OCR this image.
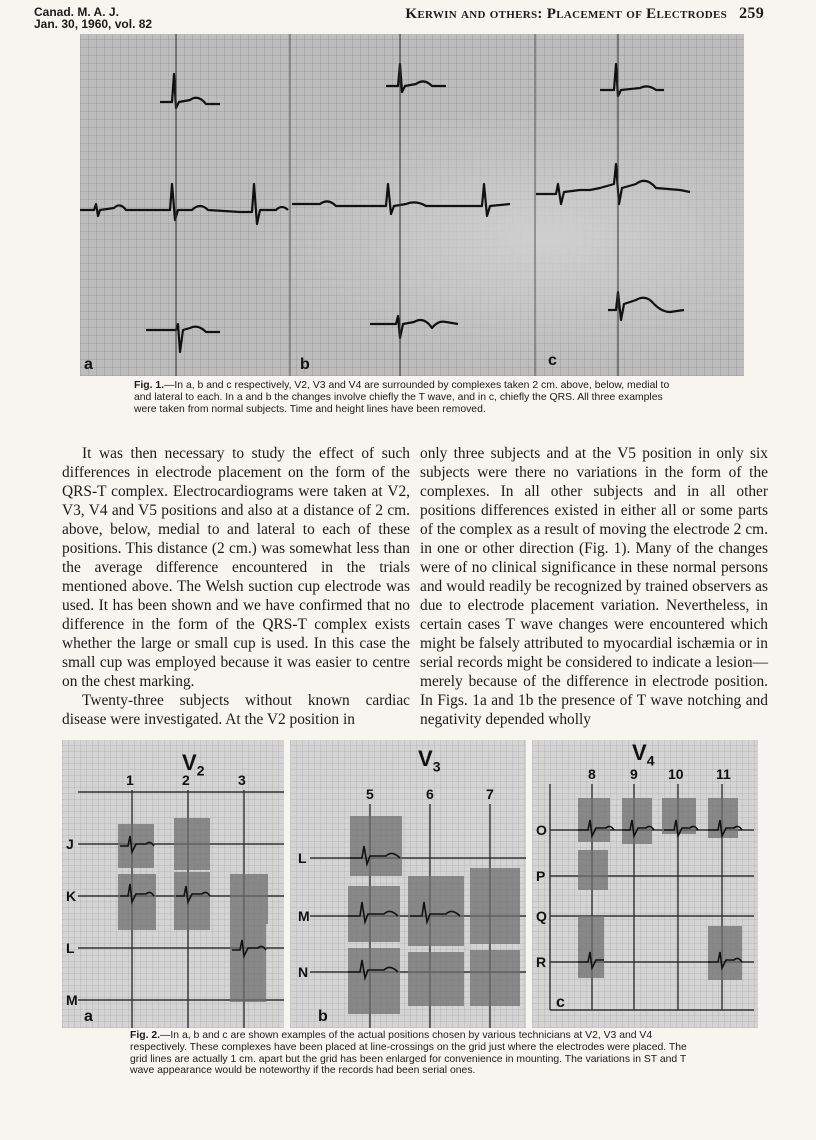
Canad. M. A. J.
Jan. 30, 1960, vol. 82
Kerwin and others: Placement of Electrodes 259
a	b	c
Fig. 1.—In a, b and c respectively, V2, V3 and V4 are surrounded by complexes taken 2 cm. above, below, medial to and lateral to each. In a and b the changes involve chiefly the T wave, and in c, chiefly the QRS. All three examples were taken from normal subjects. Time and height lines have been removed.

It was then necessary to study the effect of such differences in electrode placement on the form of the QRS-T complex. Electrocardiograms were taken at V2, V3, V4 and V5 positions and also at a distance of 2 cm. above, below, medial to and lateral to each of these positions. This distance (2 cm.) was somewhat less than the average difference encountered in the trials mentioned above. The Welsh suction cup electrode was used. It has been shown and we have confirmed that no difference in the form of the QRS-T complex exists whether the large or small cup is used. In this case the small cup was employed because it was easier to centre on the chest marking.

Twenty-three subjects without known cardiac disease were investigated. At the V2 position in

only three subjects and at the V5 position in only six subjects were there no variations in the form of the complexes. In all other subjects and in all other positions differences existed in either all or some parts of the complex as a result of moving the electrode 2 cm. in one or other direction (Fig. 1). Many of the changes were of no clinical significance in these normal persons and would readily be recognized by trained observers as due to electrode placement variation. Nevertheless, in certain cases T wave changes were encountered which might be falsely attributed to myocardial ischæmia or in serial records might be considered to indicate a lesion—merely because of the difference in electrode position. In Figs. 1a and 1b the presence of T wave notching and negativity depended wholly

$V_2$
1	2	3
J
K
L
M
a
$V_3$
5	6	7
L
M
N
b
$V_4$
8 9 10 11
O
P
Q
R
c
Fig. 2.—In a, b and c are shown examples of the actual positions chosen by various technicians at V2, V3 and V4 respectively. These complexes have been placed at line-crossings on the grid just where the electrodes were placed. The grid lines are actually 1 cm. apart but the grid has been enlarged for convenience in mounting. The variations in ST and T wave appearance would be noteworthy if the records had been serial ones.
